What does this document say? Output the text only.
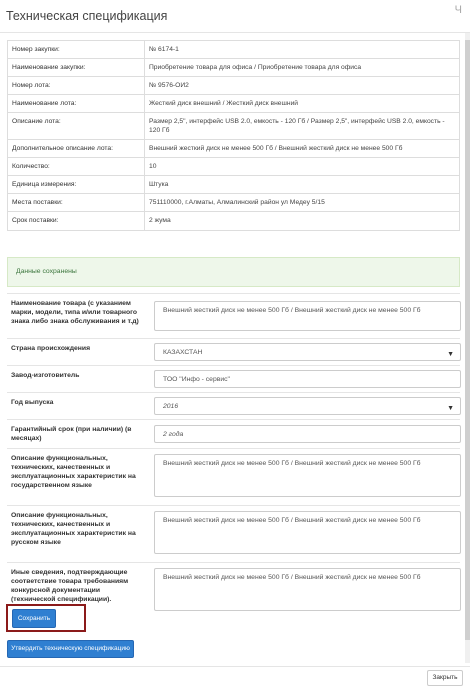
Техническая спецификация	Ч
Номер закупки:	№ 6174-1
Наименование закупки:	Приобретение товара для офиса / Приобретение товара для офиса
Номер лота:	№ 9576-ОИ2
Наименование лота:	Жесткий диск внешний / Жесткий диск внешний
Описание лота:	Размер 2,5", интерфейс USB 2.0, емкость - 120 Гб / Размер 2,5", интерфейс USB 2.0, емкость - 120 Гб
Дополнительное описание лота:	Внешний жесткий диск не менее 500 Гб / Внешний жесткий диск не менее 500 Гб
Количество:	10
Единица измерения:	Штука
Места поставки:	751110000, г.Алматы, Алмалинский район ул Медеу 5/15
Срок поставки:	2 жума
Данные сохранены
Наименование товара (с указанием марки, модели, типа и/или товарного знака либо знака обслуживания и т.д)
Внешний жесткий диск не менее 500 Гб / Внешний жесткий диск не менее 500 Гб
Страна происхождения
КАЗАХСТАН	▼
Завод-изготовитель
ТОО "Инфо - сервис"
Год выпуска
2016	▼
Гарантийный срок (при наличии) (в месяцах)
2 года
Описание функциональных, технических, качественных и эксплуатационных характеристик на государственном языке
Внешний жесткий диск не менее 500 Гб / Внешний жесткий диск не менее 500 Гб
Описание функциональных, технических, качественных и эксплуатационных характеристик на русском языке
Внешний жесткий диск не менее 500 Гб / Внешний жесткий диск не менее 500 Гб
Иные сведения, подтверждающие соответствие товара требованиям конкурсной документации (технической спецификации).
Внешний жесткий диск не менее 500 Гб / Внешний жесткий диск не менее 500 Гб
Сохранить
Утвердить техническую спецификацию
Закрыть
